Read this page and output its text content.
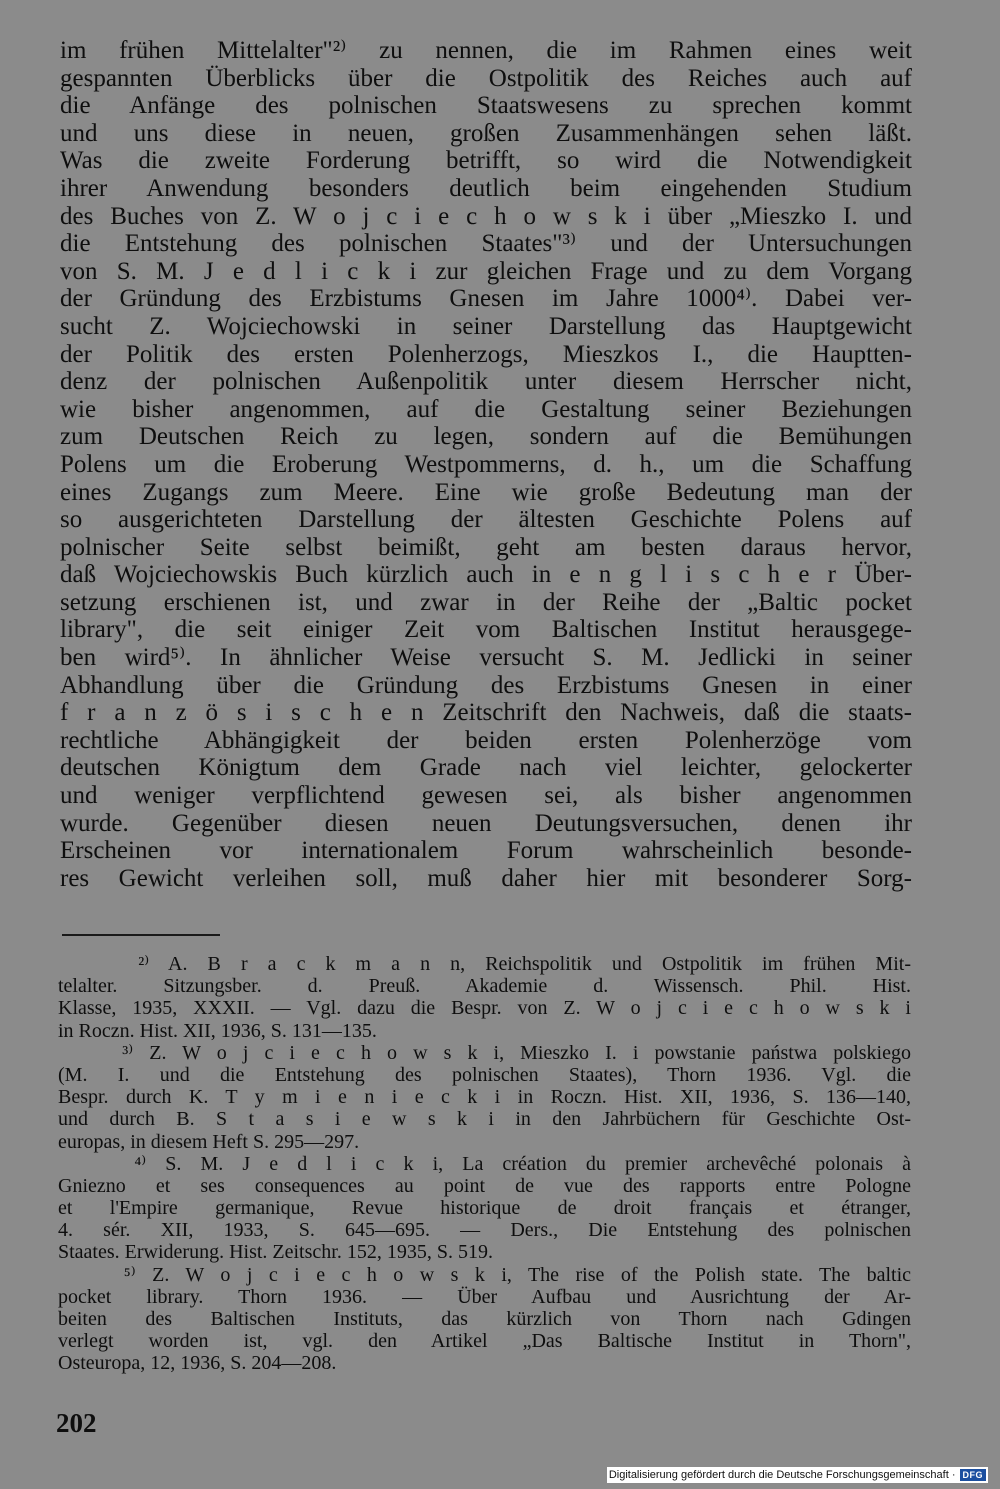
im frühen Mittelalter"²⁾ zu nennen, die im Rahmen eines weit
gespannten Überblicks über die Ostpolitik des Reiches auch auf
die Anfänge des polnischen Staatswesens zu sprechen kommt
und uns diese in neuen, großen Zusammenhängen sehen läßt.
Was die zweite Forderung betrifft, so wird die Notwendigkeit
ihrer Anwendung besonders deutlich beim eingehenden Studium
des Buches von Z. W o j c i e c h o w s k i über „Mieszko I. und
die Entstehung des polnischen Staates"³⁾ und der Untersuchungen
von S. M. J e d l i c k i zur gleichen Frage und zu dem Vorgang
der Gründung des Erzbistums Gnesen im Jahre 1000⁴⁾. Dabei ver-
sucht Z. Wojciechowski in seiner Darstellung das Hauptgewicht
der Politik des ersten Polenherzogs, Mieszkos I., die Hauptten-
denz der polnischen Außenpolitik unter diesem Herrscher nicht,
wie bisher angenommen, auf die Gestaltung seiner Beziehungen
zum Deutschen Reich zu legen, sondern auf die Bemühungen
Polens um die Eroberung Westpommerns, d. h., um die Schaffung
eines Zugangs zum Meere. Eine wie große Bedeutung man der
so ausgerichteten Darstellung der ältesten Geschichte Polens auf
polnischer Seite selbst beimißt, geht am besten daraus hervor,
daß Wojciechowskis Buch kürzlich auch in e n g l i s c h e r Über-
setzung erschienen ist, und zwar in der Reihe der „Baltic pocket
library", die seit einiger Zeit vom Baltischen Institut herausgege-
ben wird⁵⁾. In ähnlicher Weise versucht S. M. Jedlicki in seiner
Abhandlung über die Gründung des Erzbistums Gnesen in einer
f r a n z ö s i s c h e n Zeitschrift den Nachweis, daß die staats-
rechtliche Abhängigkeit der beiden ersten Polenherzöge vom
deutschen Königtum dem Grade nach viel leichter, gelockerter
und weniger verpflichtend gewesen sei, als bisher angenommen
wurde. Gegenüber diesen neuen Deutungsversuchen, denen ihr
Erscheinen vor internationalem Forum wahrscheinlich besonde-
res Gewicht verleihen soll, muß daher hier mit besonderer Sorg-
²⁾ A. B r a c k m a n n, Reichspolitik und Ostpolitik im frühen Mit-
telalter. Sitzungsber. d. Preuß. Akademie d. Wissensch. Phil. Hist.
Klasse, 1935, XXXII. — Vgl. dazu die Bespr. von Z. W o j c i e c h o w s k i
in Roczn. Hist. XII, 1936, S. 131—135.
³⁾ Z. W o j c i e c h o w s k i, Mieszko I. i powstanie państwa polskiego
(M. I. und die Entstehung des polnischen Staates), Thorn 1936. Vgl. die
Bespr. durch K. T y m i e n i e c k i in Roczn. Hist. XII, 1936, S. 136—140,
und durch B. S t a s i e w s k i in den Jahrbüchern für Geschichte Ost-
europas, in diesem Heft S. 295—297.
⁴⁾ S. M. J e d l i c k i, La création du premier archevêché polonais à
Gniezno et ses consequences au point de vue des rapports entre Pologne
et l'Empire germanique, Revue historique de droit français et étranger,
4. sér. XII, 1933, S. 645—695. — Ders., Die Entstehung des polnischen
Staates. Erwiderung. Hist. Zeitschr. 152, 1935, S. 519.
⁵⁾ Z. W o j c i e c h o w s k i, The rise of the Polish state. The baltic
pocket library. Thorn 1936. — Über Aufbau und Ausrichtung der Ar-
beiten des Baltischen Instituts, das kürzlich von Thorn nach Gdingen
verlegt worden ist, vgl. den Artikel „Das Baltische Institut in Thorn",
Osteuropa, 12, 1936, S. 204—208.
202
Digitalisierung gefördert durch die Deutsche Forschungsgemeinschaft · DFG
